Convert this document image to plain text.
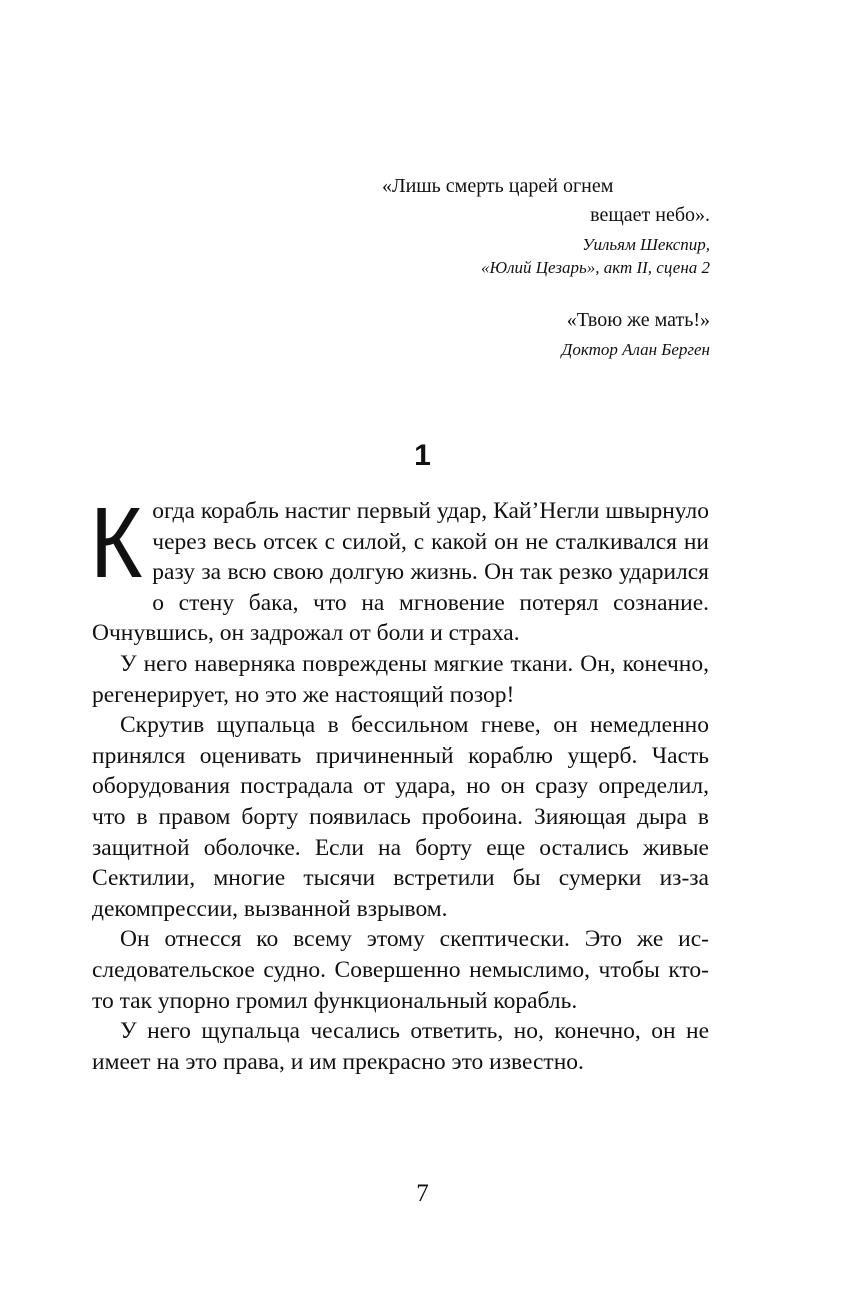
«Лишь смерть царей огнем
вещает небо».
Уильям Шекспир,
«Юлий Цезарь», акт II, сцена 2
«Твою же мать!»
Доктор Алан Берген
1

Когда корабль настиг первый удар, Кай’Негли швырнуло через весь отсек с силой, с какой он не сталкивался ни разу за всю свою долгую жизнь. Он так резко ударился о стену бака, что на мгновение потерял сознание. Очнувшись, он задрожал от боли и страха.

У него наверняка повреждены мягкие ткани. Он, конечно, регенерирует, но это же настоящий позор!

Скрутив щупальца в бессильном гневе, он немедленно принялся оценивать причиненный кораблю ущерб. Часть оборудования пострадала от удара, но он сразу определил, что в правом борту появилась пробоина. Зияющая дыра в защитной оболочке. Если на борту еще остались живые Сектилии, многие тысячи встретили бы сумерки из-за декомпрессии, вызванной взрывом.

Он отнесся ко всему этому скептически. Это же исследовательское судно. Совершенно немыслимо, чтобы кто-то так упорно громил функциональный корабль.

У него щупальца чесались ответить, но, конечно, он не имеет на это права, и им прекрасно это известно.

7
